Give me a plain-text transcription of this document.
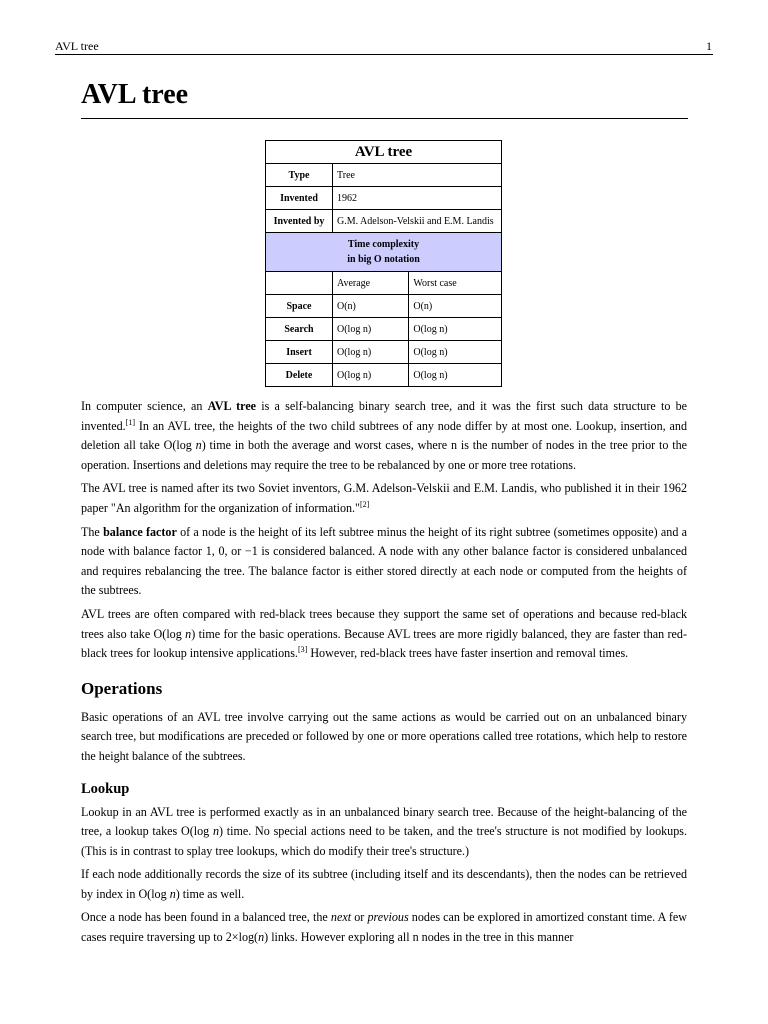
AVL tree	1
AVL tree
AVL tree		
Type	Tree	
Invented	1962	
Invented by	G.M. Adelson-Velskii and E.M. Landis	
Time complexity
in big O notation		
	Average	Worst case
Space	O(n)	O(n)
Search	O(log n)	O(log n)
Insert	O(log n)	O(log n)
Delete	O(log n)	O(log n)

In computer science, an AVL tree is a self-balancing binary search tree, and it was the first such data structure to be invented.[1] In an AVL tree, the heights of the two child subtrees of any node differ by at most one. Lookup, insertion, and deletion all take O(log n) time in both the average and worst cases, where n is the number of nodes in the tree prior to the operation. Insertions and deletions may require the tree to be rebalanced by one or more tree rotations.

The AVL tree is named after its two Soviet inventors, G.M. Adelson-Velskii and E.M. Landis, who published it in their 1962 paper "An algorithm for the organization of information."[2]

The balance factor of a node is the height of its left subtree minus the height of its right subtree (sometimes opposite) and a node with balance factor 1, 0, or −1 is considered balanced. A node with any other balance factor is considered unbalanced and requires rebalancing the tree. The balance factor is either stored directly at each node or computed from the heights of the subtrees.

AVL trees are often compared with red-black trees because they support the same set of operations and because red-black trees also take O(log n) time for the basic operations. Because AVL trees are more rigidly balanced, they are faster than red-black trees for lookup intensive applications.[3] However, red-black trees have faster insertion and removal times.

Operations

Basic operations of an AVL tree involve carrying out the same actions as would be carried out on an unbalanced binary search tree, but modifications are preceded or followed by one or more operations called tree rotations, which help to restore the height balance of the subtrees.

Lookup

Lookup in an AVL tree is performed exactly as in an unbalanced binary search tree. Because of the height-balancing of the tree, a lookup takes O(log n) time. No special actions need to be taken, and the tree's structure is not modified by lookups. (This is in contrast to splay tree lookups, which do modify their tree's structure.)

If each node additionally records the size of its subtree (including itself and its descendants), then the nodes can be retrieved by index in O(log n) time as well.

Once a node has been found in a balanced tree, the next or previous nodes can be explored in amortized constant time. A few cases require traversing up to 2×log(n) links. However exploring all n nodes in the tree in this manner
